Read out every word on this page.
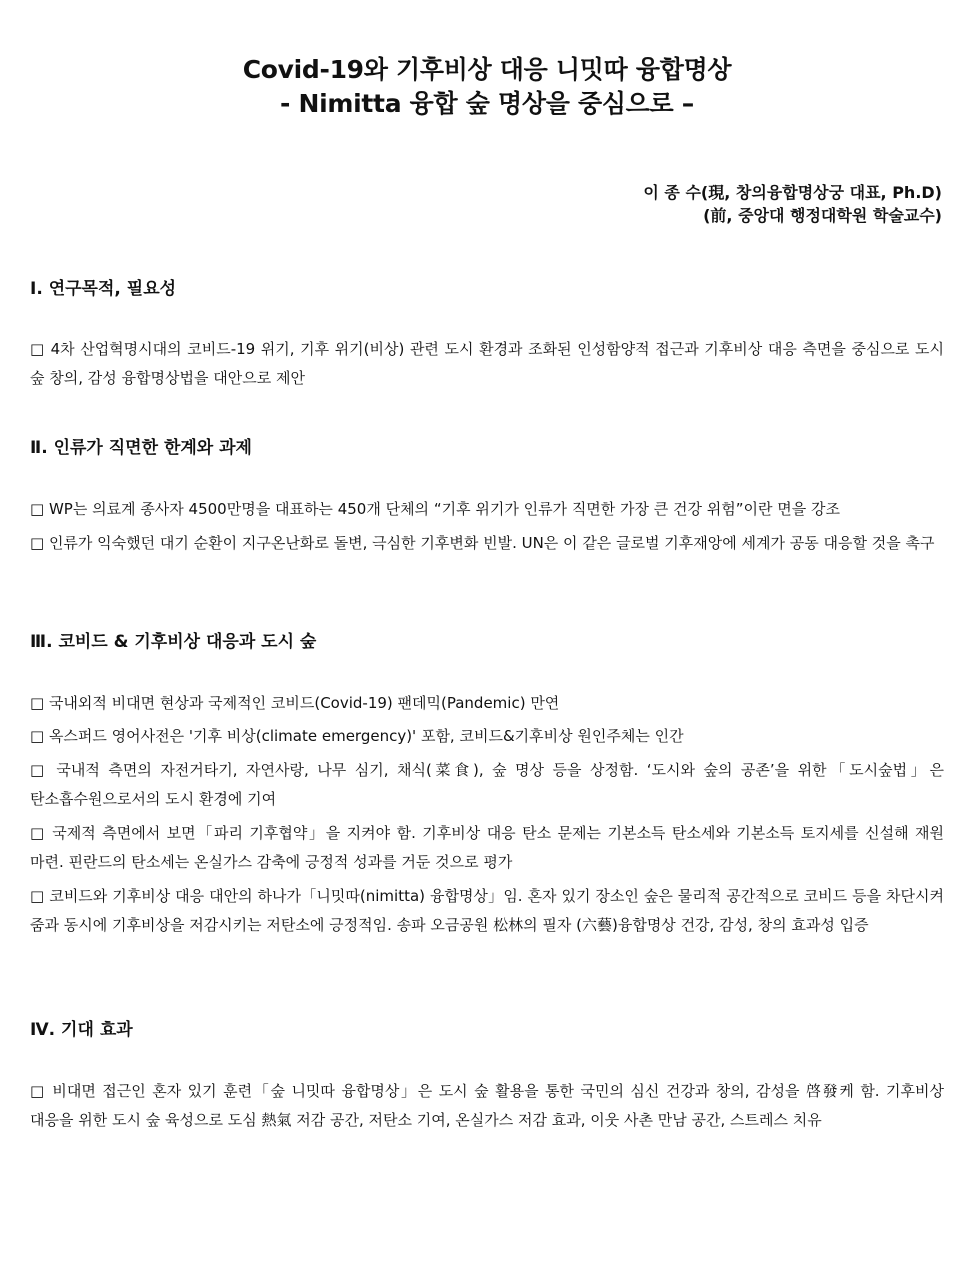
Covid-19와 기후비상 대응 니밋따 융합명상
- Nimitta 융합 숲 명상을 중심으로 –
이 종 수(現, 창의융합명상궁 대표, Ph.D)
(前, 중앙대 행정대학원 학술교수)
Ⅰ. 연구목적, 필요성
□ 4차 산업혁명시대의 코비드-19 위기, 기후 위기(비상) 관련 도시 환경과 조화된 인성함양적 접근과 기후비상 대응 측면을 중심으로 도시 숲 창의, 감성 융합명상법을 대안으로 제안
Ⅱ. 인류가 직면한 한계와 과제
□ WP는 의료계 종사자 4500만명을 대표하는 450개 단체의 “기후 위기가 인류가 직면한 가장 큰 건강 위험”이란 면을 강조
□ 인류가 익숙했던 대기 순환이 지구온난화로 돌변, 극심한 기후변화 빈발. UN은 이 같은 글로벌 기후재앙에 세계가 공동 대응할 것을 촉구
Ⅲ. 코비드 & 기후비상 대응과 도시 숲
□ 국내외적 비대면 현상과 국제적인 코비드(Covid-19) 팬데믹(Pandemic) 만연
□ 옥스퍼드 영어사전은 '기후 비상(climate emergency)' 포함, 코비드&기후비상 원인주체는 인간
□ 국내적 측면의 자전거타기, 자연사랑, 나무 심기, 채식(菜食), 숲 명상 등을 상정함. ‘도시와 숲의 공존’을 위한「도시숲법」은 탄소흡수원으로서의 도시 환경에 기여
□ 국제적 측면에서 보면「파리 기후협약」을 지켜야 함. 기후비상 대응 탄소 문제는 기본소득 탄소세와 기본소득 토지세를 신설해 재원 마련. 핀란드의 탄소세는 온실가스 감축에 긍정적 성과를 거둔 것으로 평가
□ 코비드와 기후비상 대응 대안의 하나가「니밋따(nimitta) 융합명상」임. 혼자 있기 장소인 숲은 물리적 공간적으로 코비드 등을 차단시켜 줌과 동시에 기후비상을 저감시키는 저탄소에 긍정적임. 송파 오금공원 松林의 필자 (六藝)융합명상 건강, 감성, 창의 효과성 입증
Ⅳ. 기대 효과
□ 비대면 접근인 혼자 있기 훈련「숲 니밋따 융합명상」은 도시 숲 활용을 통한 국민의 심신 건강과 창의, 감성을 啓發케 함. 기후비상 대응을 위한 도시 숲 육성으로 도심 熱氣 저감 공간, 저탄소 기여, 온실가스 저감 효과, 이웃 사촌 만남 공간, 스트레스 치유
